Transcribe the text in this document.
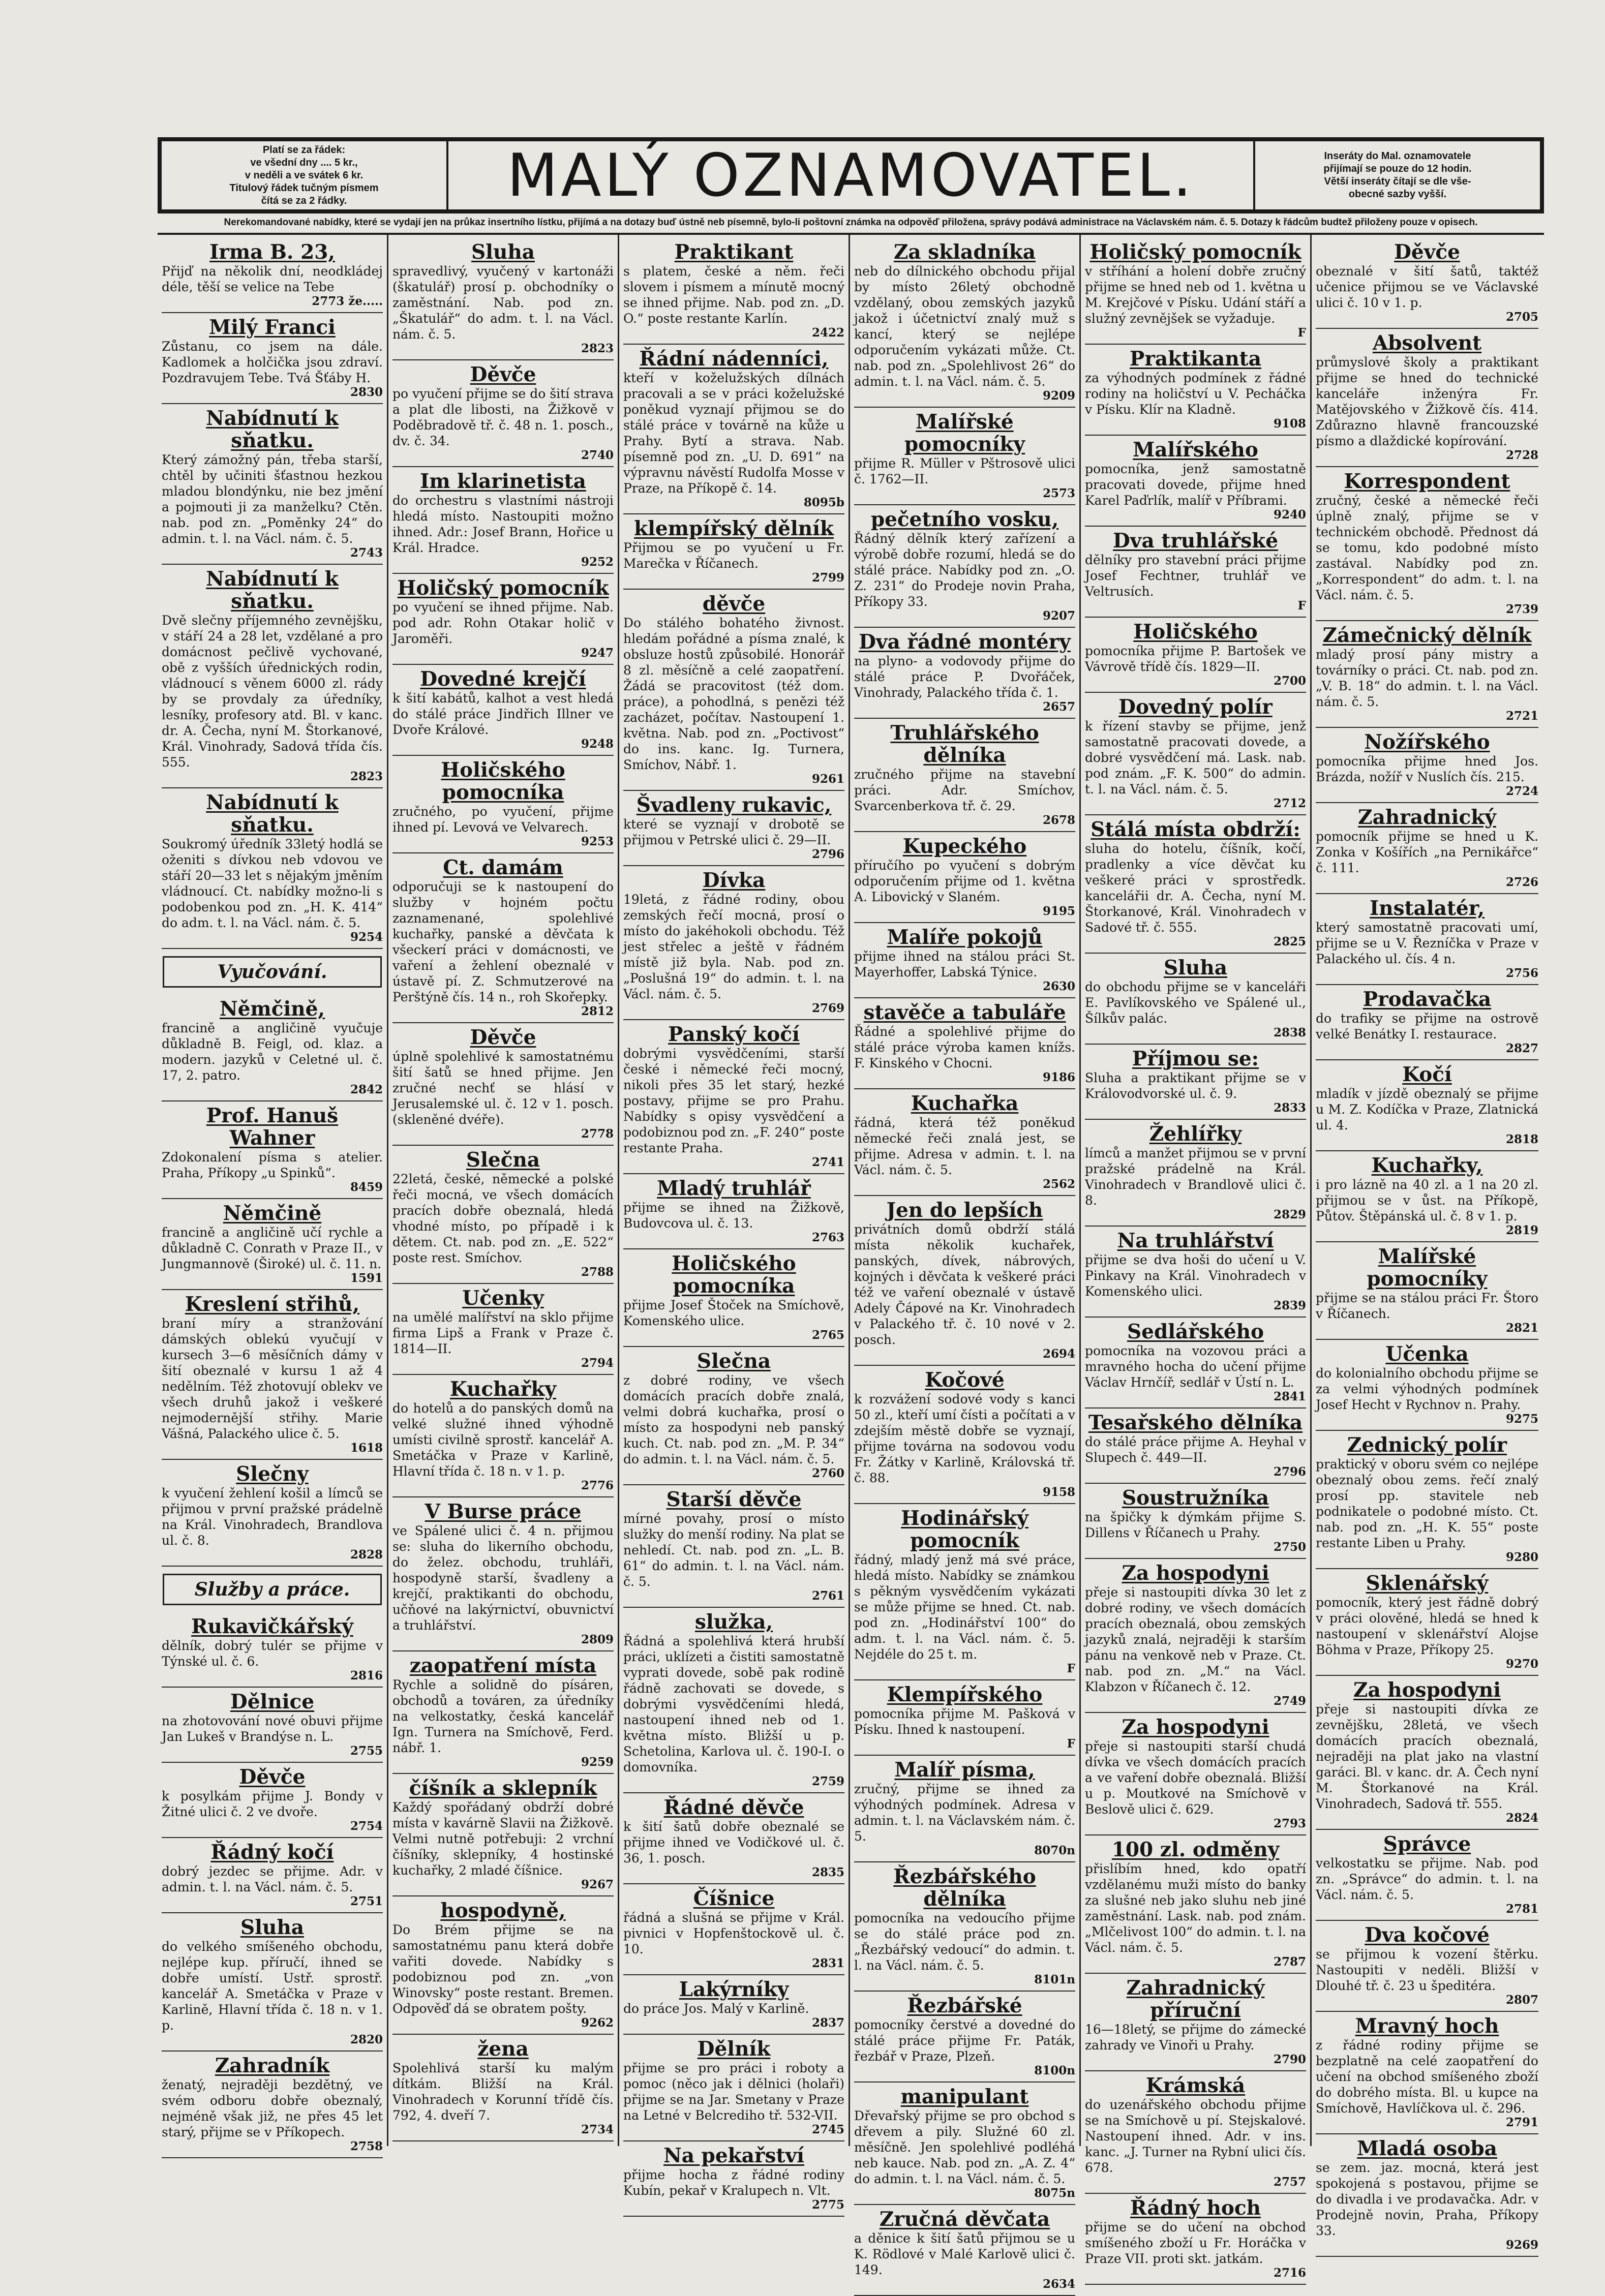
Platí se za řádek:
ve všední dny .... 5 kr.,
v neděli a ve svátek 6 kr.
Titulový řádek tučným písmem
čítá se za 2 řádky.	MALÝ OZNAMOVATEL.	Inseráty do Mal. oznamovatele
přijímají se pouze do 12 hodin.
Větší inseráty čítají se dle vše-
obecné sazby vyšší.
Nerekomandované nabídky, které se vydají jen na průkaz insertního lístku, přijímá a na dotazy buď ústně neb písemně, bylo-li poštovní známka na odpověď přiložena, správy podává administrace na Václavském nám. č. 5. Dotazy k řádcům budtež přiloženy pouze v opisech.
Irma B. 23,
Přijď na několik dní, neodkládej déle, těší se velice na Tebe
2773 že.....
Milý Franci
Zůstanu, co jsem na dále. Kadlomek a holčička jsou zdraví. Pozdravujem Tebe. Tvá Šťáby H.
2830
Nabídnutí k sňatku.
Který zámožný pán, třeba starší, chtěl by učiniti šťastnou hezkou mladou blondýnku, nie bez jmění a pojmouti ji za manželku? Ctěn. nab. pod zn. „Poměnky 24“ do admin. t. l. na Václ. nám. č. 5.
2743
Nabídnutí k sňatku.
Dvě slečny příjemného zevnějšku, v stáří 24 a 28 let, vzdělané a pro domácnost pečlivě vychované, obě z vyšších úřednických rodin, vládnoucí s věnem 6000 zl. rády by se provdaly za úředníky, lesníky, profesory atd. Bl. v kanc. dr. A. Čecha, nyní M. Štorkanové, Král. Vinohrady, Sadová třída čís. 555.
2823
Nabídnutí k sňatku.
Soukromý úředník 33letý hodlá se oženiti s dívkou neb vdovou ve stáří 20—33 let s nějakým jměním vládnoucí. Ct. nabídky možno-li s podobenkou pod zn. „H. K. 414“ do adm. t. l. na Václ. nám. č. 5.
9254
Vyučování.
Němčině,
francině a angličině vyučuje důkladně B. Feigl, od. klaz. a modern. jazyků v Celetné ul. č. 17, 2. patro.
2842
Prof. Hanuš Wahner
Zdokonalení písma s atelier. Praha, Příkopy „u Spinků“.
8459
Němčině
francině a angličině učí rychle a důkladně C. Conrath v Praze II., v Jungmannově (Široké) ul. č. 11. n.
1591
Kreslení střihů,
braní míry a stranžování dámských oblekú vyučují v kursech 3—6 měsíčních dámy v šití obeznalé v kursu 1 až 4 nedělním. Též zhotovují oblekv ve všech druhů jakož i veškeré nejmodernější střihy. Marie Vášná, Palackého ulice č. 5.
1618
Slečny
k vyučení žehlení košil a límců se přijmou v první pražské prádelně na Král. Vinohradech, Brandlova ul. č. 8.
2828
Služby a práce.
Rukavičkářský
dělník, dobrý tulér se přijme v Týnské ul. č. 6.
2816
Dělnice
na zhotovování nové obuvi přijme Jan Lukeš v Brandýse n. L.
2755
Děvče
k posylkám přijme J. Bondy v Žitné ulici č. 2 ve dvoře.
2754
Řádný kočí
dobrý jezdec se přijme. Adr. v admin. t. l. na Václ. nám. č. 5.
2751
Sluha
do velkého smíšeného obchodu, nejlépe kup. příručí, ihned se dobře umístí. Ustř. sprostř. kancelář A. Smetáčka v Praze v Karlině, Hlavní třída č. 18 n. v 1. p.
2820
Zahradník
ženatý, nejraději bezdětný, ve svém odboru dobře obeznalý, nejméně však již, ne přes 45 let starý, přijme se v Příkopech.
2758
Sluha
spravedlivý, vyučený v kartonáži (škatulář) prosí p. obchodníky o zaměstnání. Nab. pod zn. „Škatulář“ do adm. t. l. na Václ. nám. č. 5.
2823
Děvče
po vyučení přijme se do šití strava a plat dle libosti, na Žižkově v Poděbradově tř. č. 48 n. 1. posch., dv. č. 34.
2740
Im klarinetista
do orchestru s vlastními nástroji hledá místo. Nastoupiti možno ihned. Adr.: Josef Brann, Hořice u Král. Hradce.
9252
Holičský pomocník
po vyučení se ihned přijme. Nab. pod adr. Rohn Otakar holič v Jaroměři.
9247
Dovedné krejčí
k šití kabátů, kalhot a vest hledá do stálé práce Jindřich Illner ve Dvoře Králové.
9248
Holičského pomocníka
zručného, po vyučení, přijme ihned pí. Levová ve Velvarech.
9253
Ct. damám
odporučuji se k nastoupení do služby v hojném počtu zaznamenané, spolehlivé kuchařky, panské a děvčata k všeckerí práci v domácnosti, ve vaření a žehlení obeznalé v ústavě pí. Z. Schmutzerové na Perštýně čís. 14 n., roh Skořepky.
2812
Děvče
úplně spolehlivé k samostatnému šití šatů se hned přijme. Jen zručné nechť se hlásí v Jerusalemské ul. č. 12 v 1. posch. (skleněné dvéře).
2778
Slečna
22letá, české, německé a polské řeči mocná, ve všech domácích pracích dobře obeznalá, hledá vhodné místo, po případě i k dětem. Ct. nab. pod zn. „E. 522“ poste rest. Smíchov.
2788
Učenky
na umělé malířství na sklo přijme firma Lipš a Frank v Praze č. 1814—II.
2794
Kuchařky
do hotelů a do panských domů na velké služné ihned výhodně umísti civilně sprostř. kancelář A. Smetáčka v Praze v Karlině, Hlavní třída č. 18 n. v 1. p.
2776
V Burse práce
ve Spálené ulici č. 4 n. přijmou se: sluha do likerního obchodu, do želez. obchodu, truhláři, hospodyně starší, švadleny a krejčí, praktikanti do obchodu, učňové na lakýrnictví, obuvnictví a truhlářství.
2809
zaopatření místa
Rychle a solidně do písáren, obchodů a továren, za úředníky na velkostatky, česká kancelář Ign. Turnera na Smíchově, Ferd. nábř. 1.
9259
číšník a sklepník
Každý spořádaný obdrží dobré místa v kavárně Slavii na Žižkově. Velmi nutně potřebuji: 2 vrchní číšníky, sklepníky, 4 hostinské kuchařky, 2 mladé číšnice.
9267
hospodyně,
Do Brém přijme se na samostatnému panu která dobře vařiti dovede. Nabídky s podobiznou pod zn. „von Winovsky“ poste restant. Bremen. Odpověď dá se obratem pošty.
9262
žena
Spolehlivá starší ku malým dítkám. Bližší na Král. Vinohradech v Korunní třídě čís. 792, 4. dveří 7.
2734
Praktikant
s platem, české a něm. řeči slovem i písmem a mínutě mocný se ihned přijme. Nab. pod zn. „D. O.“ poste restante Karlín.
2422
Řádní nádenníci,
kteří v koželužských dílnách pracovali a se v práci koželužské poněkud vyznají přijmou se do stálé práce v továrně na kůže u Prahy. Bytí a strava. Nab. písemně pod zn. „U. D. 691“ na výpravnu návěstí Rudolfa Mosse v Praze, na Příkopě č. 14.
8095b
klempířský dělník
Přijmou se po vyučení u Fr. Marečka v Říčanech.
2799
děvče
Do stálého bohatého živnost. hledám pořádné a písma znalé, k obsluze hostů způsobilé. Honorář 8 zl. měsíčně a celé zaopatření. Žádá se pracovitost (též dom. práce), a pohodlná, s penězi též zacházet, počítav. Nastoupení 1. května. Nab. pod zn. „Poctivost“ do ins. kanc. Ig. Turnera, Smíchov, Nábř. 1.
9261
Švadleny rukavic,
které se vyznají v drobotě se přijmou v Petrské ulici č. 29—II.
2796
Dívka
19letá, z řádné rodiny, obou zemských řečí mocná, prosí o místo do jakéhokoli obchodu. Též jest střelec a ještě v řádném místě již byla. Nab. pod zn. „Poslušná 19“ do admin. t. l. na Václ. nám. č. 5.
2769
Panský kočí
dobrými vysvědčeními, starší české i německé řeči mocný, nikoli přes 35 let starý, hezké postavy, přijme se pro Prahu. Nabídky s opisy vysvědčení a podobiznou pod zn. „F. 240“ poste restante Praha.
2741
Mladý truhlář
přijme se ihned na Žižkově, Budovcova ul. č. 13.
2763
Holičského pomocníka
přijme Josef Štoček na Smíchově, Komenského ulice.
2765
Slečna
z dobré rodiny, ve všech domácích pracích dobře znalá, velmi dobrá kuchařka, prosí o místo za hospodyni neb panský kuch. Ct. nab. pod zn. „M. P. 34“ do admin. t. l. na Václ. nám. č. 5.
2760
Starší děvče
mírné povahy, prosí o místo služky do menší rodiny. Na plat se nehledí. Ct. nab. pod zn. „L. B. 61“ do admin. t. l. na Václ. nám. č. 5.
2761
služka,
Řádná a spolehlivá která hrubší práci, uklízeti a čistiti samostatně vyprati dovede, sobě pak rodině řádně zachovati se dovede, s dobrými vysvědčeními hledá, nastoupení ihned neb od 1. května místo. Bližší u p. Schetolina, Karlova ul. č. 190-I. o domovníka.
2759
Řádné děvče
k šití šatů dobře obeznalé se přijme ihned ve Vodičkové ul. č. 36, 1. posch.
2835
Číšnice
řádná a slušná se přijme v Král. pivnici v Hopfenštockově ul. č. 10.
2831
Lakýrníky
do práce Jos. Malý v Karlině.
2837
Dělník
přijme se pro práci i roboty a pomoc (něco jak i dělnici (holaři) přijme se na Jar. Smetany v Praze na Letné v Belcrediho tř. 532-VII.
2745
Na pekařství
přijme hocha z řádné rodiny Kubín, pekař v Kralupech n. Vlt.
2775
Za skladníka
neb do dílnického obchodu přijal by místo 26letý obchodně vzdělaný, obou zemských jazyků jakož i účetnictví znalý muž s kancí, který se nejlépe odporučením vykázati může. Ct. nab. pod zn. „Spolehlivost 26“ do admin. t. l. na Václ. nám. č. 5.
9209
Malířské pomocníky
přijme R. Müller v Pštrosově ulici č. 1762—II.
2573
pečetního vosku,
Řádný dělník který zařízení a výrobě dobře rozumí, hledá se do stálé práce. Nabídky pod zn. „O. Z. 231“ do Prodeje novin Praha, Příkopy 33.
9207
Dva řádné montéry
na plyno- a vodovody přijme do stálé práce P. Dvořáček, Vinohrady, Palackého třída č. 1.
2657
Truhlářského dělníka
zručného přijme na stavební práci. Adr. Smíchov, Svarcenberkova tř. č. 29.
2678
Kupeckého
příručího po vyučení s dobrým odporučením přijme od 1. května A. Libovický v Slaném.
9195
Malíře pokojů
přijme ihned na stálou práci St. Mayerhoffer, Labská Týnice.
2630
stavěče a tabuláře
Řádné a spolehlivé přijme do stálé práce výroba kamen knížs. F. Kinského v Chocni.
9186
Kuchařka
řádná, která též poněkud německé řeči znalá jest, se přijme. Adresa v admin. t. l. na Václ. nám. č. 5.
2562
Jen do lepších
privátních domů obdrží stálá místa několik kuchařek, panských, dívek, nábrových, kojných i děvčata k veškeré práci též ve vaření obeznalé v ústavě Adely Čápové na Kr. Vinohradech v Palackého tř. č. 10 nové v 2. posch.
2694
Kočové
k rozvážení sodové vody s kanci 50 zl., kteří umí čísti a počítati a v zdejším městě dobře se vyznají, přijme továrna na sodovou vodu Fr. Žátky v Karlině, Královská tř. č. 88.
9158
Hodinářský pomocník
řádný, mladý jenž má své práce, hledá místo. Nabídky se známkou s pěkným vysvědčením vykázati se může přijme se hned. Ct. nab. pod zn. „Hodinářství 100“ do adm. t. l. na Václ. nám. č. 5. Nejdéle do 25 t. m.
F
Klempířského
pomocníka přijme M. Pašková v Písku. Ihned k nastoupení.
F
Malíř písma,
zručný, přijme se ihned za výhodných podmínek. Adresa v admin. t. l. na Václavském nám. č. 5.
8070n
Řezbářského dělníka
pomocníka na vedoucího přijme se do stálé práce pod zn. „Řezbářský vedoucí“ do admin. t. l. na Václ. nám. č. 5.
8101n
Řezbářské
pomocníky čerstvé a dovedné do stálé práce přijme Fr. Paták, řezbář v Praze, Plzeň.
8100n
manipulant
Dřevařský přijme se pro obchod s dřevem a pily. Služné 60 zl. měsíčně. Jen spolehlivé podléhá neb kauce. Nab. pod zn. „A. Z. 4“ do admin. t. l. na Václ. nám. č. 5.
8075n
Zručná děvčata
a děnice k šití šatů přijmou se u K. Rödlové v Malé Karlově ulici č. 149.
2634
Holičský pomocník
v stříhání a holení dobře zručný přijme se hned neb od 1. května u M. Krejčové v Písku. Udání stáří a služný zevnějšek se vyžaduje.
F
Praktikanta
za výhodných podmínek z řádné rodiny na holičství u V. Pecháčka v Písku. Klír na Kladně.
9108
Malířského
pomocníka, jenž samostatně pracovati dovede, přijme hned Karel Paďrlík, malíř v Příbrami.
9240
Dva truhlářské
dělníky pro stavební práci přijme Josef Fechtner, truhlář ve Veltrusích.
F
Holičského
pomocníka přijme P. Bartošek ve Vávrově třídě čís. 1829—II.
2700
Dovedný polír
k řízení stavby se přijme, jenž samostatně pracovati dovede, a dobré vysvědčení má. Lask. nab. pod znám. „F. K. 500“ do admin. t. l. na Václ. nám. č. 5.
2712
Stálá místa obdrží:
sluha do hotelu, číšník, kočí, pradlenky a více děvčat ku veškeré práci v sprostředk. kancelářii dr. A. Čecha, nyní M. Štorkanové, Král. Vinohradech v Sadové tř. č. 555.
2825
Sluha
do obchodu přijme se v kanceláři E. Pavlíkovského ve Spálené ul., Šílkův palác.
2838
Příjmou se:
Sluha a praktikant přijme se v Královodvorské ul. č. 9.
2833
Žehlířky
límců a manžet přijmou se v první pražské prádelně na Král. Vinohradech v Brandlově ulici č. 8.
2829
Na truhlářství
přijme se dva hoši do učení u V. Pinkavy na Král. Vinohradech v Komenského ulici.
2839
Sedlářského
pomocníka na vozovou práci a mravného hocha do učení přijme Václav Hrnčíř, sedlář v Ústí n. L.
2841
Tesařského dělníka
do stálé práce přijme A. Heyhal v Slupech č. 449—II.
2796
Soustružníka
na špičky k dýmkám přijme S. Dillens v Říčanech u Prahy.
2750
Za hospodyni
přeje si nastoupiti dívka 30 let z dobré rodiny, ve všech domácích pracích obeznalá, obou zemských jazyků znalá, nejraději k starším pánu na venkově neb v Praze. Ct. nab. pod zn. „M.“ na Václ. Klabzon v Říčanech č. 12.
2749
Za hospodyni
přeje si nastoupiti starší chudá dívka ve všech domácích pracích a ve vaření dobře obeznalá. Bližší u p. Moutkové na Smíchově v Beslově ulici č. 629.
2793
100 zl. odměny
přislíbím hned, kdo opatří vzdělanému muži místo do banky za slušné neb jako sluhu neb jiné zaměstnání. Lask. nab. pod znám. „Mlčelivost 100“ do admin. t. l. na Václ. nám. č. 5.
2787
Zahradnický příruční
16—18letý, se přijme do zámecké zahrady ve Vinoři u Prahy.
2790
Krámská
do uzenářského obchodu přijme se na Smíchově u pí. Stejskalové. Nastoupení ihned. Adr. v ins. kanc. „J. Turner na Rybní ulici čís. 678.
2757
Řádný hoch
přijme se do učení na obchod smíšeného zboží u Fr. Horáčka v Praze VII. proti skt. jatkám.
2716
Děvče
obeznalé v šití šatů, taktéž učenice přijmou se ve Václavské ulici č. 10 v 1. p.
2705
Absolvent
průmyslové školy a praktikant přijme se hned do technické kanceláře inženýra Fr. Matějovského v Žižkově čís. 414. Zdůrazno hlavně francouzské písmo a dlaždické kopírování.
2728
Korrespondent
zručný, české a německé řeči úplně znalý, přijme se v technickém obchodě. Přednost dá se tomu, kdo podobné místo zastával. Nabídky pod zn. „Korrespondent“ do adm. t. l. na Václ. nám. č. 5.
2739
Zámečnický dělník
mladý prosí pány mistry a továrníky o práci. Ct. nab. pod zn. „V. B. 18“ do admin. t. l. na Václ. nám. č. 5.
2721
Nožířského
pomocníka přijme hned Jos. Brázda, nožíř v Nuslích čís. 215.
2724
Zahradnický
pomocník přijme se hned u K. Zonka v Košířích „na Pernikářce“ č. 111.
2726
Instalatér,
který samostatně pracovati umí, přijme se u V. Řezníčka v Praze v Palackého ul. čís. 4 n.
2756
Prodavačka
do trafiky se přijme na ostrově velké Benátky I. restaurace.
2827
Kočí
mladík v jízdě obeznalý se přijme u M. Z. Kodíčka v Praze, Zlatnická ul. 4.
2818
Kuchařky,
i pro lázně na 40 zl. a 1 na 20 zl. přijmou se v ůst. na Příkopě, Půtov. Štěpánská ul. č. 8 v 1. p.
2819
Malířské pomocníky
přijme se na stálou práci Fr. Štoro v Říčanech.
2821
Učenka
do kolonialního obchodu přijme se za velmi výhodných podmínek Josef Hecht v Rychnov n. Prahy.
9275
Zednický polír
praktický v oboru svém co nejlépe obeznalý obou zems. řečí znalý prosí pp. stavitele neb podnikatele o podobné místo. Ct. nab. pod zn. „H. K. 55“ poste restante Liben u Prahy.
9280
Sklenářský
pomocník, který jest řádně dobrý v práci olověné, hledá se hned k nastoupení v sklenářství Alojse Böhma v Praze, Příkopy 25.
9270
Za hospodyni
přeje si nastoupiti dívka ze zevnějšku, 28letá, ve všech domácích pracích obeznalá, nejraději na plat jako na vlastní garáci. Bl. v kanc. dr. A. Čech nyní M. Štorkanové na Král. Vinohradech, Sadová tř. 555.
2824
Správce
velkostatku se přijme. Nab. pod zn. „Správce“ do admin. t. l. na Václ. nám. č. 5.
2781
Dva kočové
se přijmou k vození štěrku. Nastoupiti v neděli. Bližší v Dlouhé tř. č. 23 u špeditéra.
2807
Mravný hoch
z řádné rodiny přijme se bezplatně na celé zaopatření do učení na obchod smíšeného zboží do dobrého místa. Bl. u kupce na Smíchově, Havlíčkova ul. č. 296.
2791
Mladá osoba
se zem. jaz. mocná, která jest spokojená s postavou, přijme se do divadla i ve prodavačka. Adr. v Prodejně novin, Praha, Příkopy 33.
9269
